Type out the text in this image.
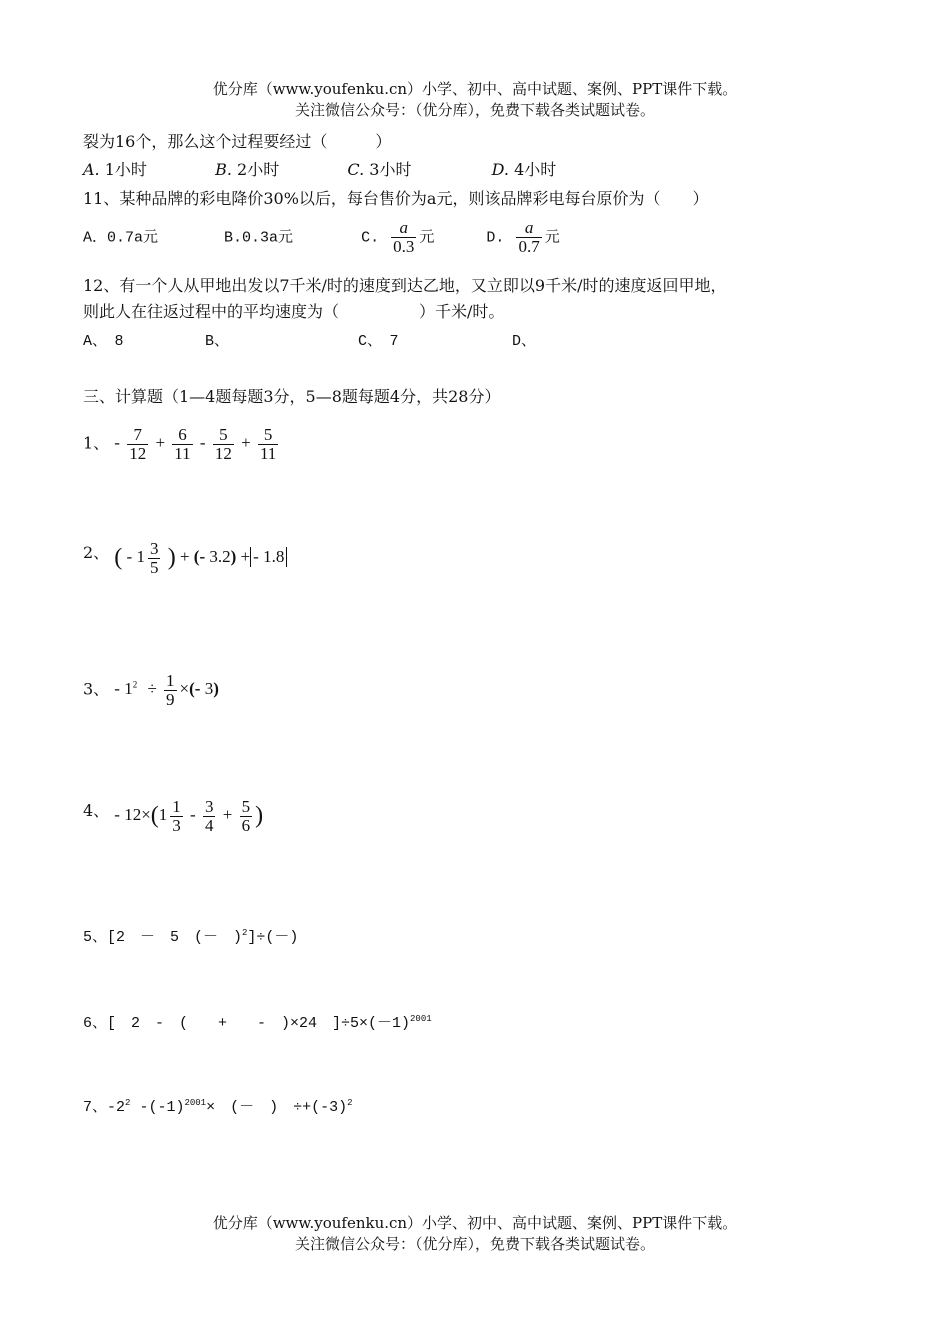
优分库（www.youfenku.cn）小学、初中、高中试题、案例、PPT课件下载。
关注微信公众号：（优分库），免费下载各类试题试卷。
裂为16个，那么这个过程要经过（　　　）
A. 1小时	B. 2小时	C. 3小时	D. 4小时
11、某种品牌的彩电降价30%以后，每台售价为a元，则该品牌彩电每台原价为（　　）
A．0.7a元	B.0.3a元	C. $\frac{a}{0.3}$ 元	D. $\frac{a}{0.7}$ 元
12、有一个人从甲地出发以7千米/时的速度到达乙地，又立即以9千米/时的速度返回甲地，
则此人在往返过程中的平均速度为（　　　　　）千米/时。
A、　8	B、	C、　7	D、
三、计算题（1—4题每题3分，5—8题每题4分，共28分）
1、 - $\frac{7}{12} + \frac{6}{11} - \frac{5}{12} + \frac{5}{11}$
2、 ( - $1 \frac{3}{5}$ ) + (- 3.2) + - 1.8
3、 - $1^2 \div \frac{1}{9}$ ×(- 3)
4、 - $12\times(1 \frac{1}{3} - \frac{3}{4} + \frac{5}{6}$ )
5、[2　－　5　(－　)$^2$]÷(－)
6、[　2　-　(　　+　　-　)×24　]$\div 5\times(-1)^{2001}$
7、$-2^2$ $-(-1)^{2001}\times$　(－　)　$\div+(-3)^2$
优分库（www.youfenku.cn）小学、初中、高中试题、案例、PPT课件下载。
关注微信公众号：（优分库），免费下载各类试题试卷。
